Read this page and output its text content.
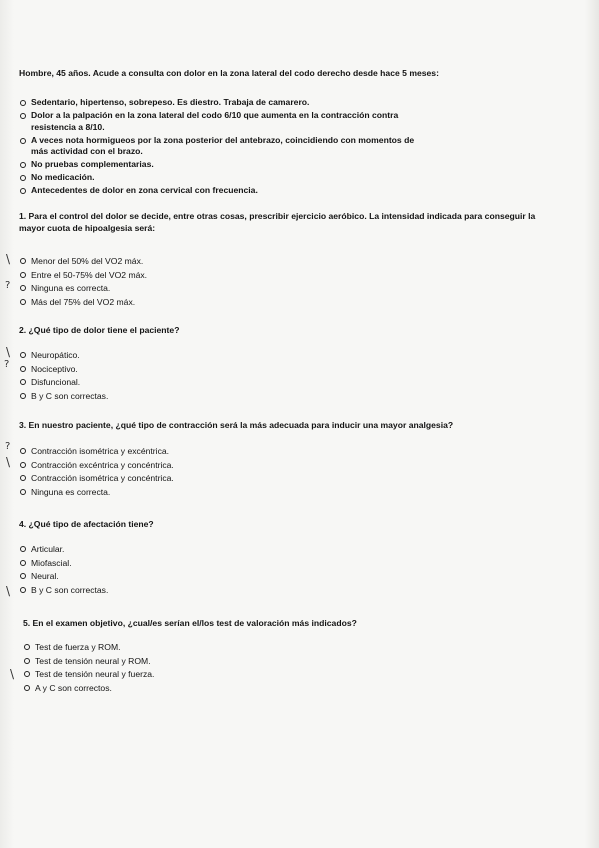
Hombre, 45 años. Acude a consulta con dolor en la zona lateral del codo derecho desde hace 5 meses:
Sedentario, hipertenso, sobrepeso. Es diestro. Trabaja de camarero.
Dolor a la palpación en la zona lateral del codo 6/10 que aumenta en la contracción contra resistencia a 8/10.
A veces nota hormigueos por la zona posterior del antebrazo, coincidiendo con momentos de más actividad con el brazo.
No pruebas complementarias.
No medicación.
Antecedentes de dolor en zona cervical con frecuencia.
1. Para el control del dolor se decide, entre otras cosas, prescribir ejercicio aeróbico. La intensidad indicada para conseguir la mayor cuota de hipoalgesia será:
Menor del 50% del VO2 máx.
Entre el 50-75% del VO2 máx.
Ninguna es correcta.
Más del 75% del VO2 máx.
2. ¿Qué tipo de dolor tiene el paciente?
Neuropático.
Nociceptivo.
Disfuncional.
B y C son correctas.
3. En nuestro paciente, ¿qué tipo de contracción será la más adecuada para inducir una mayor analgesia?
Contracción isométrica y excéntrica.
Contracción excéntrica y concéntrica.
Contracción isométrica y concéntrica.
Ninguna es correcta.
4. ¿Qué tipo de afectación tiene?
Articular.
Miofascial.
Neural.
B y C son correctas.
5. En el examen objetivo, ¿cual/es serían el/los test de valoración más indicados?
Test de fuerza y ROM.
Test de tensión neural y ROM.
Test de tensión neural y fuerza.
A y C son correctos.
\
?
\
?
?
\
\
\
